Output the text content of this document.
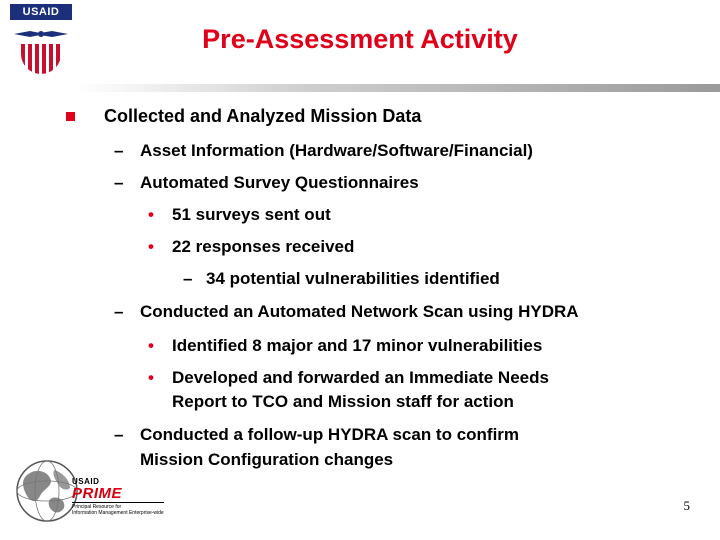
USAID
Pre-Assessment Activity
Collected and Analyzed Mission Data
– Asset Information (Hardware/Software/Financial)
– Automated Survey Questionnaires
• 51 surveys sent out
• 22 responses received
– 34 potential vulnerabilities identified
– Conducted an Automated Network Scan using HYDRA
• Identified 8 major and 17 minor vulnerabilities
• Developed and forwarded an Immediate Needs
Report to TCO and Mission staff for action
– Conducted a follow-up HYDRA scan to confirm
Mission Configuration changes
USAID
PRIME
Principal Resource for
Information Management Enterprise-wide	5
